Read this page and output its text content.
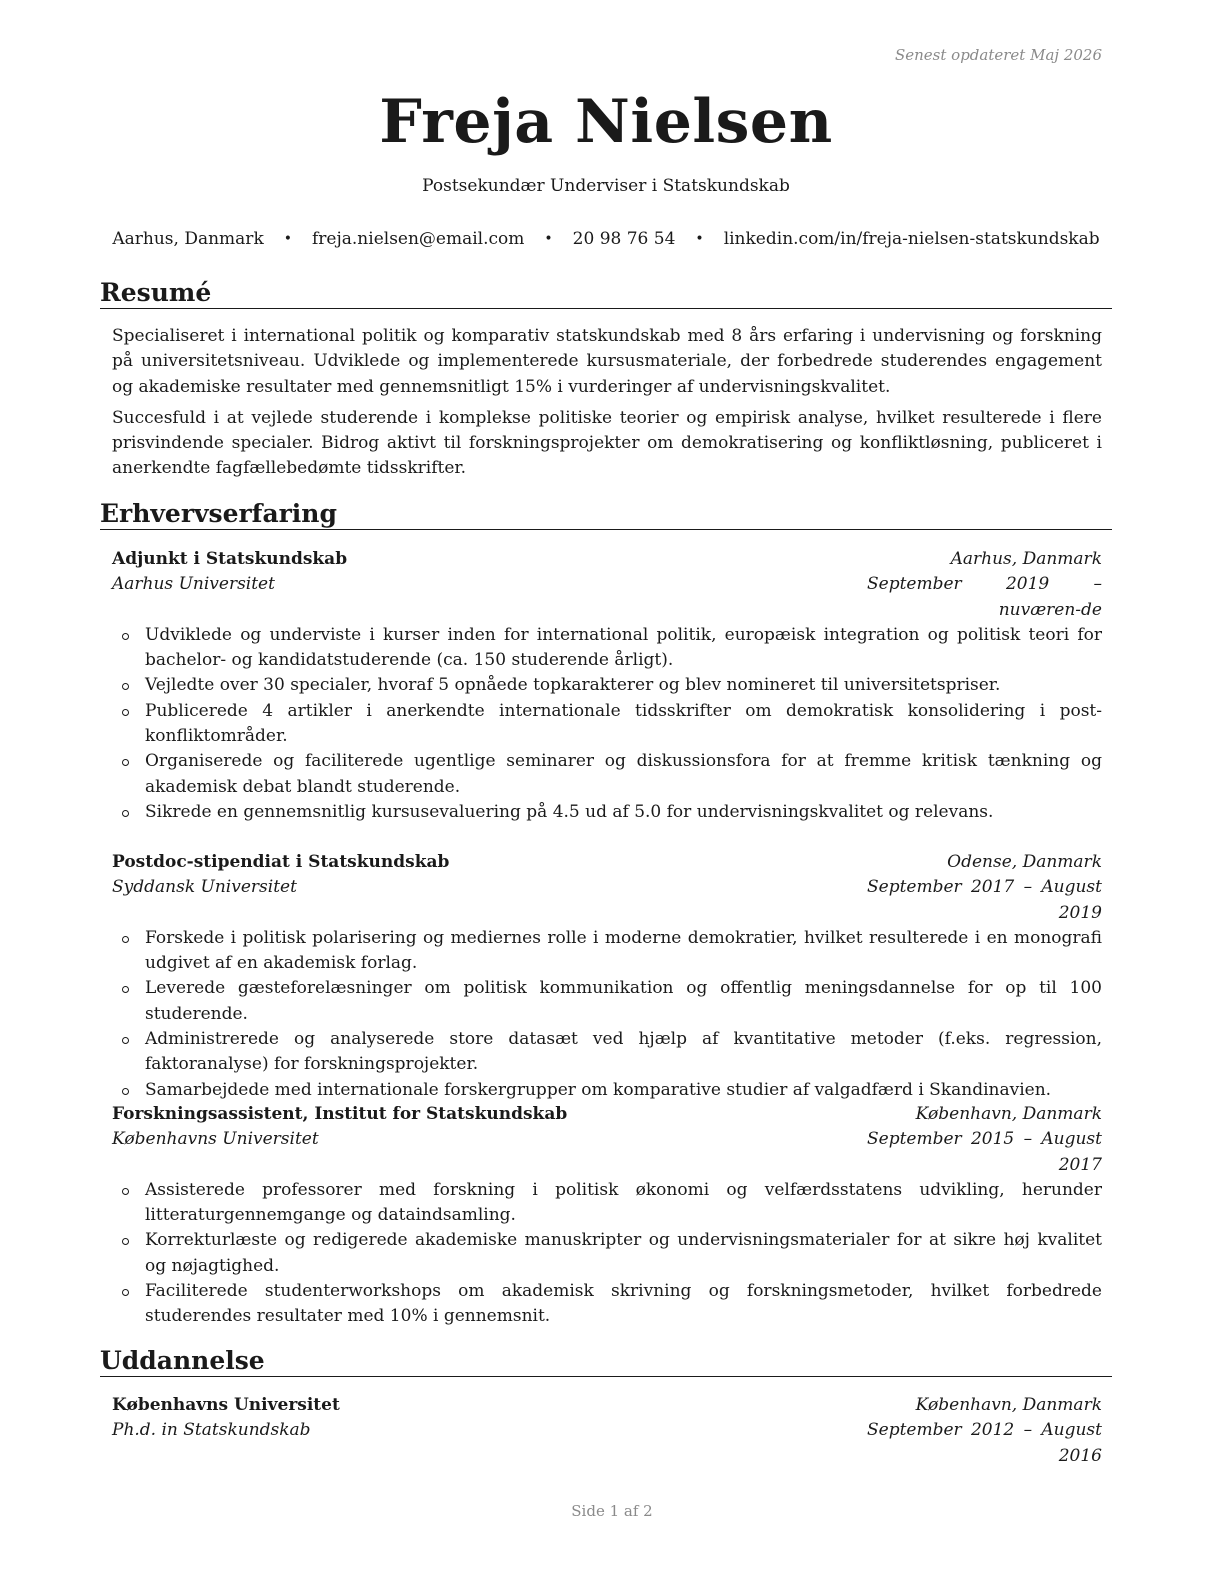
Senest opdateret Maj 2026
Freja Nielsen
Postsekundær Underviser i Statskundskab
Aarhus, Danmark • freja.nielsen@email.com • 20 98 76 54 • linkedin.com/in/freja-nielsen-statskundskab
Resumé

Specialiseret i international politik og komparativ statskundskab med 8 års erfaring i undervisning og forskning på universitetsniveau. Udviklede og implementerede kursusmateriale, der forbedrede studerendes engagement og akademiske resultater med gennemsnitligt 15% i vurderinger af undervisningskvalitet.

Succesfuld i at vejlede studerende i komplekse politiske teorier og empirisk analyse, hvilket resulterede i flere prisvindende specialer. Bidrog aktivt til forskningsprojekter om demokratisering og konfliktløsning, publiceret i anerkendte fagfællebedømte tidsskrifter.

Erhvervserfaring
Adjunkt i Statskundskab	Aarhus, Danmark
Aarhus Universitet	September 2019 – nuværen-de
Udviklede og underviste i kurser inden for international politik, europæisk integration og politisk teori for bachelor- og kandidatstuderende (ca. 150 studerende årligt).
Vejledte over 30 specialer, hvoraf 5 opnåede topkarakterer og blev nomineret til universitetspriser.
Publicerede 4 artikler i anerkendte internationale tidsskrifter om demokratisk konsolidering i post-konfliktområder.
Organiserede og faciliterede ugentlige seminarer og diskussionsfora for at fremme kritisk tænkning og akademisk debat blandt studerende.
Sikrede en gennemsnitlig kursusevaluering på 4.5 ud af 5.0 for undervisningskvalitet og relevans.
Postdoc-stipendiat i Statskundskab	Odense, Danmark
Syddansk Universitet	September 2017 – August 2019
Forskede i politisk polarisering og mediernes rolle i moderne demokratier, hvilket resulterede i en monografi udgivet af en akademisk forlag.
Leverede gæsteforelæsninger om politisk kommunikation og offentlig meningsdannelse for op til 100 studerende.
Administrerede og analyserede store datasæt ved hjælp af kvantitative metoder (f.eks. regression, faktoranalyse) for forskningsprojekter.
Samarbejdede med internationale forskergrupper om komparative studier af valgadfærd i Skandinavien.
Forskningsassistent, Institut for Statskundskab	København, Danmark
Københavns Universitet	September 2015 – August 2017
Assisterede professorer med forskning i politisk økonomi og velfærdsstatens udvikling, herunder litteraturgennemgange og dataindsamling.
Korrekturlæste og redigerede akademiske manuskripter og undervisningsmaterialer for at sikre høj kvalitet og nøjagtighed.
Faciliterede studenterworkshops om akademisk skrivning og forskningsmetoder, hvilket forbedrede studerendes resultater med 10% i gennemsnit.
Uddannelse
Københavns Universitet	København, Danmark
Ph.d. in Statskundskab	September 2012 – August 2016
Side 1 af 2
